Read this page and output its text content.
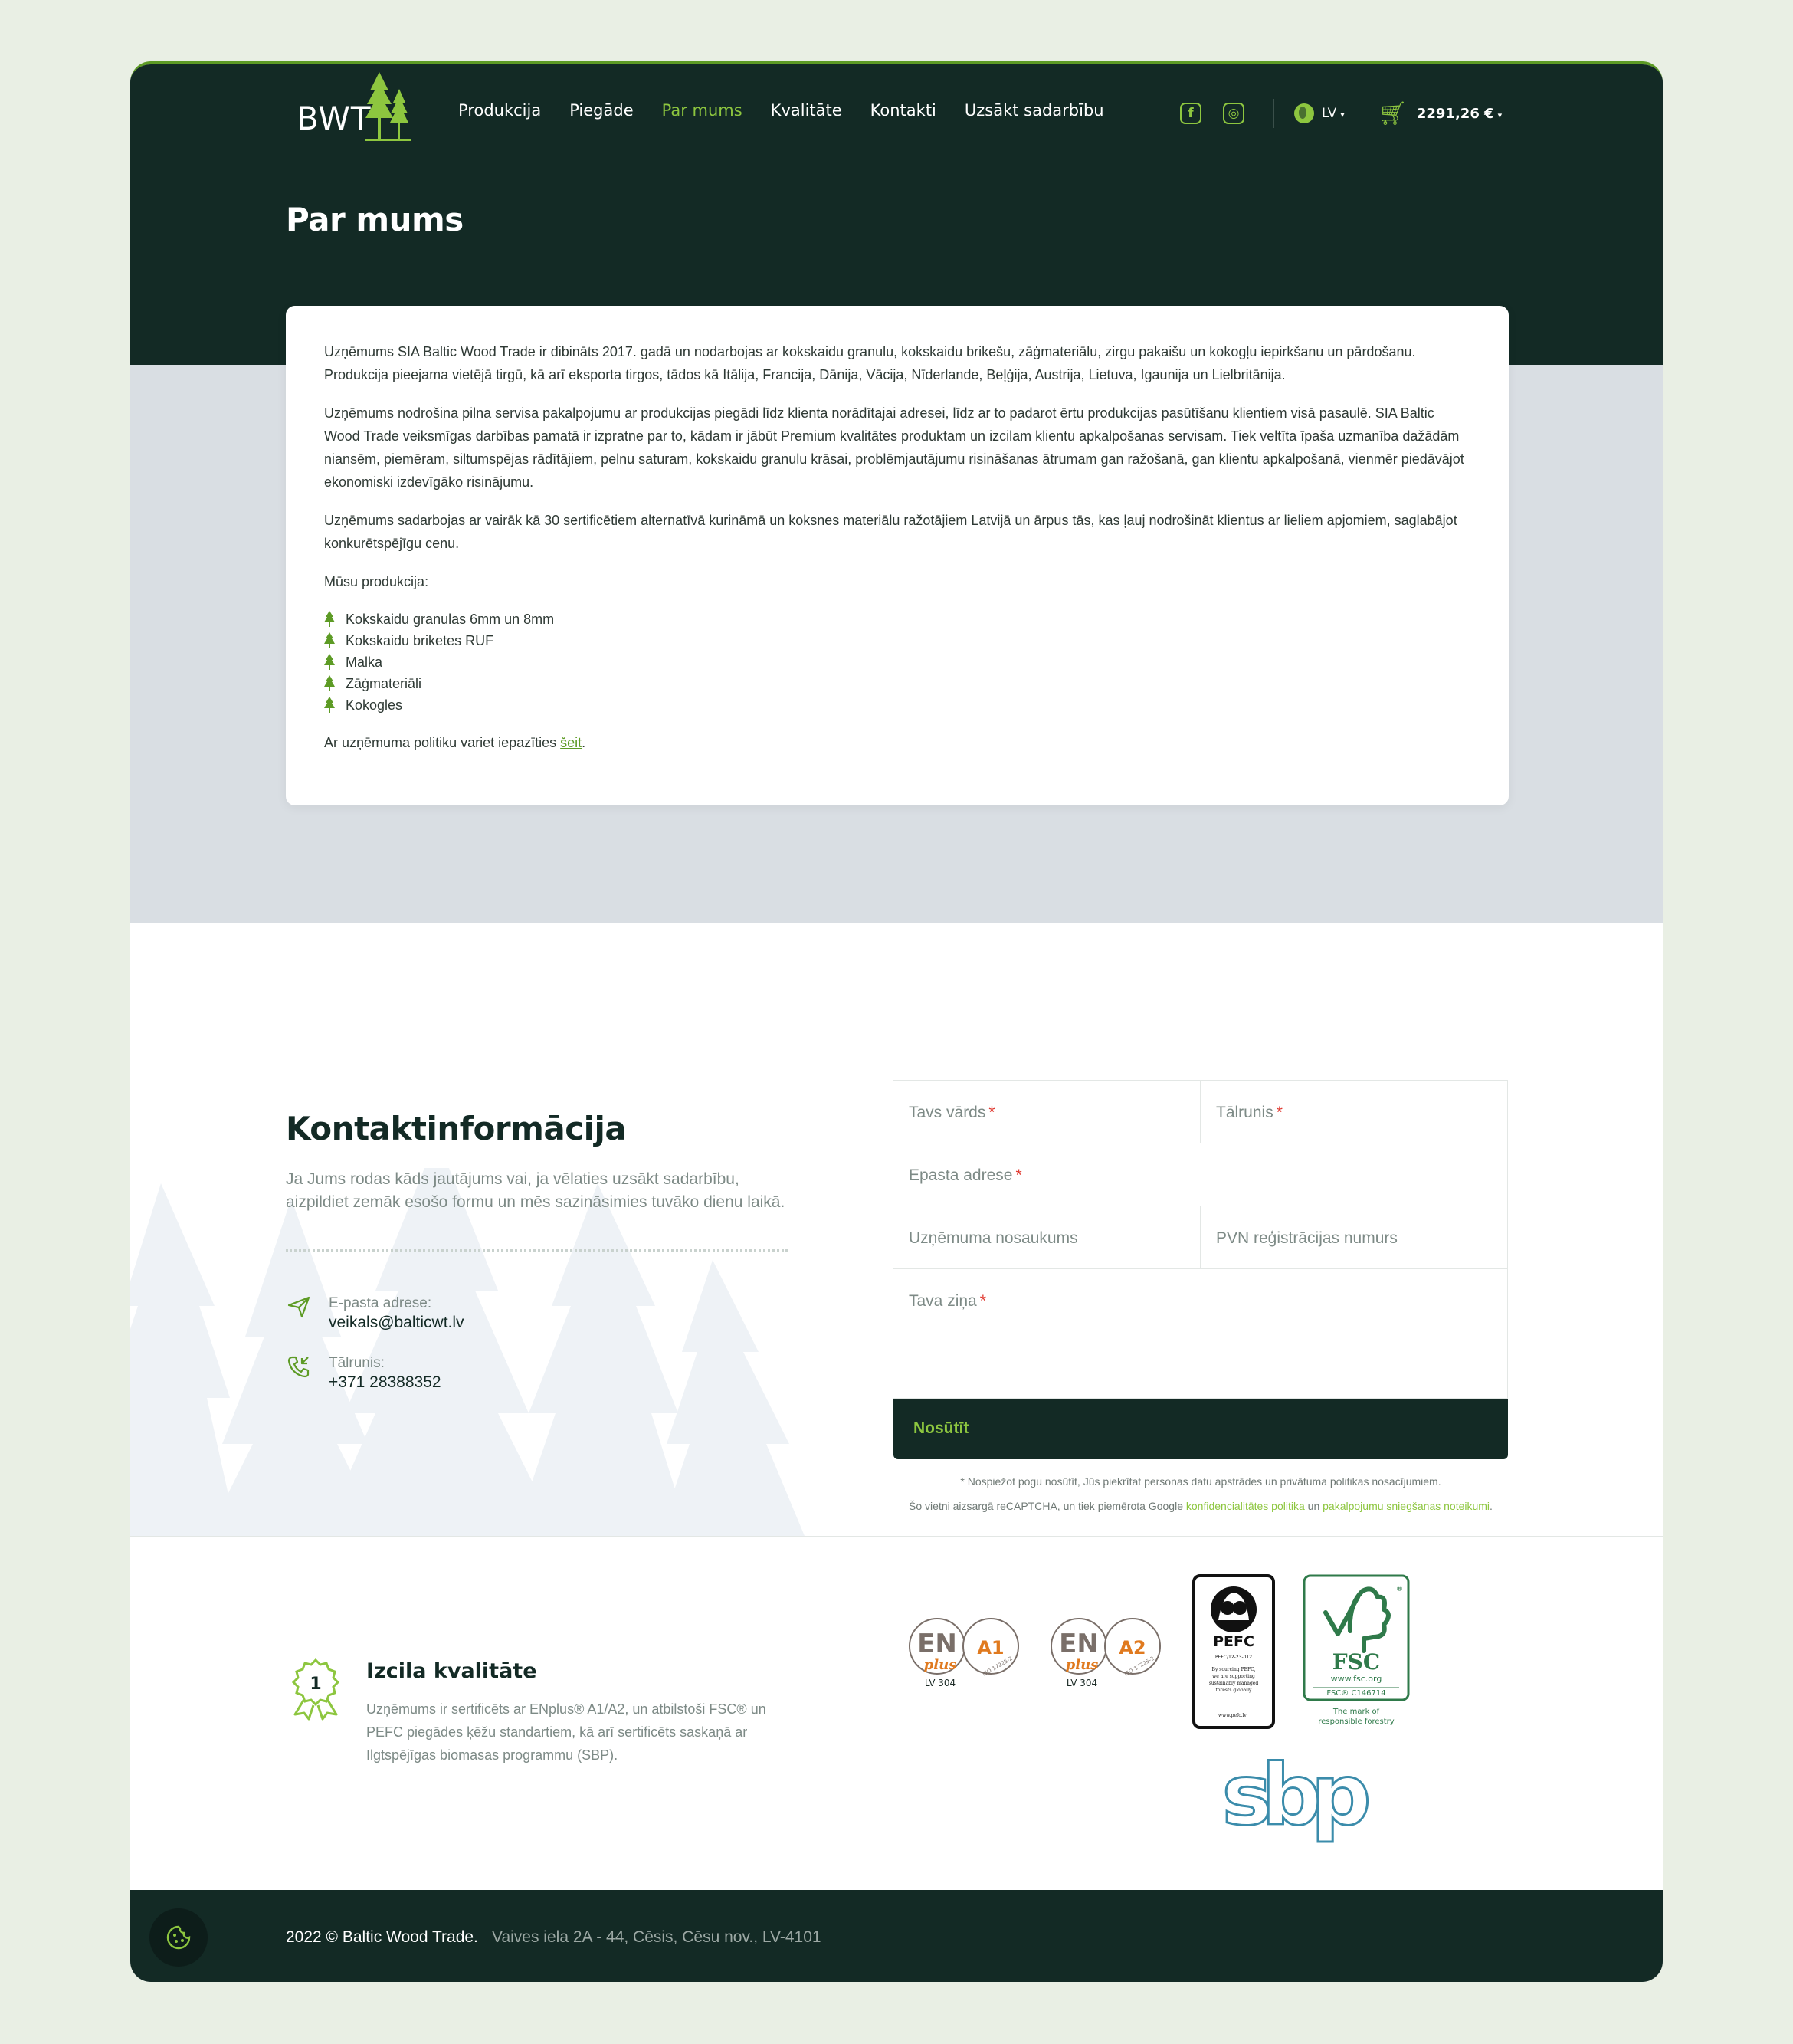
BWT	Produkcija Piegāde Par mums Kvalitāte Kontakti Uzsākt sadarbību	f	◎	LV ▾ 🛒︎ 2291,26 € ▾
Par mums

Uzņēmums SIA Baltic Wood Trade ir dibināts 2017. gadā un nodarbojas ar kokskaidu granulu, kokskaidu brikešu, zāģmateriālu, zirgu pakaišu un kokogļu iepirkšanu un pārdošanu. Produkcija pieejama vietējā tirgū, kā arī eksporta tirgos, tādos kā Itālija, Francija, Dānija, Vācija, Nīderlande, Beļģija, Austrija, Lietuva, Igaunija un Lielbritānija.

Uzņēmums nodrošina pilna servisa pakalpojumu ar produkcijas piegādi līdz klienta norādītajai adresei, līdz ar to padarot ērtu produkcijas pasūtīšanu klientiem visā pasaulē. SIA Baltic Wood Trade veiksmīgas darbības pamatā ir izpratne par to, kādam ir jābūt Premium kvalitātes produktam un izcilam klientu apkalpošanas servisam. Tiek veltīta īpaša uzmanība dažādām niansēm, piemēram, siltumspējas rādītājiem, pelnu saturam, kokskaidu granulu krāsai, problēmjautājumu risināšanas ātrumam gan ražošanā, gan klientu apkalpošanā, vienmēr piedāvājot ekonomiski izdevīgāko risinājumu.

Uzņēmums sadarbojas ar vairāk kā 30 sertificētiem alternatīvā kurināmā un koksnes materiālu ražotājiem Latvijā un ārpus tās, kas ļauj nodrošināt klientus ar lieliem apjomiem, saglabājot konkurētspējīgu cenu.

Mūsu produkcija:

Kokskaidu granulas 6mm un 8mm
Kokskaidu briketes RUF
Malka
Zāģmateriāli
Kokogles

Ar uzņēmuma politiku variet iepazīties šeit.

Kontaktinformācija

Ja Jums rodas kāds jautājums vai, ja vēlaties uzsākt sadarbību, aizpildiet zemāk esošo formu un mēs sazināsimies tuvāko dienu laikā.

E-pasta adrese:
veikals@balticwt.lv
Tālrunis:
+371 28388352
Tavs vārds *	Tālrunis *
Epasta adrese *
Uzņēmuma nosaukums	PVN reģistrācijas numurs
Tava ziņa *
Nosūtīt

* Nospiežot pogu nosūtīt, Jūs piekrītat personas datu apstrādes un privātuma politikas nosacījumiem.

Šo vietni aizsargā reCAPTCHA, un tiek piemērota Google konfidencialitātes politika un pakalpojumu sniegšanas noteikumi.

1
Izcila kvalitāte

Uzņēmums ir sertificēts ar ENplus® A1/A2, un atbilstoši FSC® un PEFC piegādes ķēžu standartiem, kā arī sertificēts saskaņā ar Ilgtspējīgas biomasas programmu (SBP).

EN
plus
A1
ISO 17225-2
LV 304
EN
plus
A2
ISO 17225-2
LV 304
PEFC
PEFC/12-23-012
By sourcing PEFC,
we are supporting
sustainably managed
forests globally
www.pefc.lv
®
FSC
www.fsc.org
FSC® C146714
The mark of
responsible forestry
sbp
2022 © Baltic Wood Trade. Vaives iela 2A - 44, Cēsis, Cēsu nov., LV-4101
